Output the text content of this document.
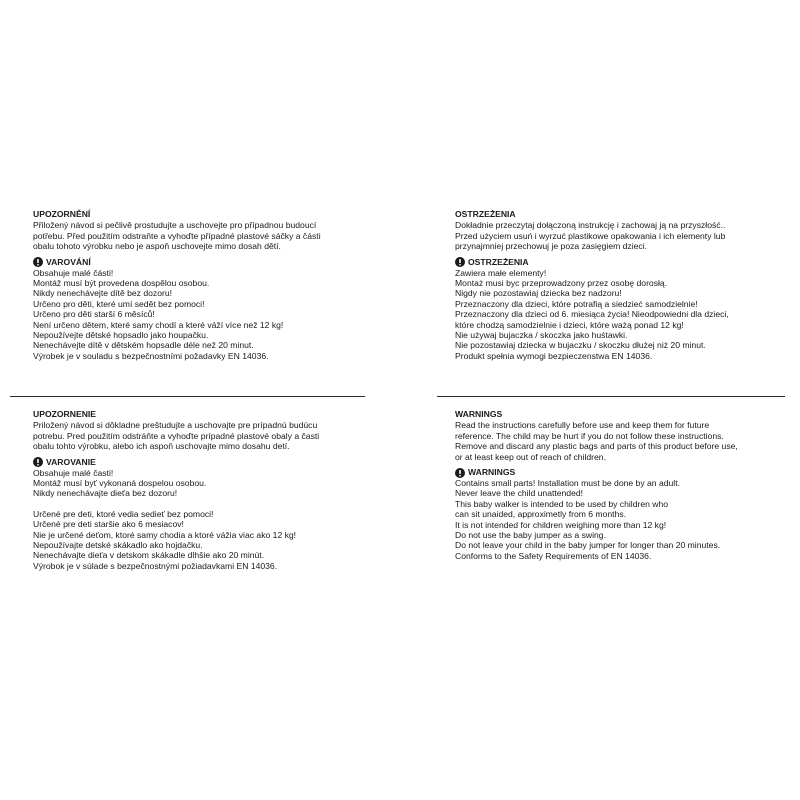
UPOZORNĚNÍ
Přiložený návod si pečlivě prostudujte a uschovejte pro případnou budoucí
potřebu. Před použitím odstraňte a vyhoďte případné plastové sáčky a části
obalu tohoto výrobku nebo je aspoň uschovejte mimo dosah dětí.
VAROVÁNÍ
Obsahuje malé části!
Montáž musí být provedena dospělou osobou.
Nikdy nenechávejte dítě bez dozoru!
Určeno pro děti, které umí sedět bez pomoci!
Určeno pro děti starší 6 měsíců!
Není určeno dětem, které samy chodí a které váží více než 12 kg!
Nepoužívejte dětské hopsadlo jako houpačku.
Nenechávejte dítě v dětském hopsadle déle než 20 minut.
Výrobek je v souladu s bezpečnostními požadavky EN 14036.
OSTRZEŻENIA
Dokładnie przeczytaj dołączoną instrukcję i zachowaj ją na przyszłość..
Przed użyciem usuń i wyrzuć plastikowe opakowania i ich elementy lub
przynajmniej przechowuj je poza zasięgiem dzieci.
OSTRZEŻENIA
Zawiera małe elementy!
Montaż musi byc przeprowadzony przez osobę dorosłą.
Nigdy nie pozostawiaj dziecka bez nadzoru!
Przeznaczony dla dzieci, które potrafią a siedzieć samodzielnie!
Przeznaczony dla dzieci od 6. miesiąca życia! Nieodpowiedni dla dzieci,
które chodzą samodzielnie i dzieci, które ważą ponad 12 kg!
Nie używaj bujaczka / skoczka jako huśtawki.
Nie pozostawiaj dziecka w bujaczku / skoczku dłużej niż 20 minut.
Produkt spełnia wymogi bezpieczenstwa EN 14036.
UPOZORNENIE
Priložený návod si dôkladne preštudujte a uschovajte pre prípadnú budúcu
potrebu. Pred použitím odstráňte a vyhoďte prípadné plastové obaly a časti
obalu tohto výrobku, alebo ich aspoň uschovajte mimo dosahu detí.
VAROVANIE
Obsahuje malé časti!
Montáž musí byť vykonaná dospelou osobou.
Nikdy nenechávajte dieťa bez dozoru!
Určené pre deti, ktoré vedia sedieť bez pomoci!
Určené pre deti staršie ako 6 mesiacov!
Nie je určené deťom, ktoré samy chodia a ktoré vážia viac ako 12 kg!
Nepoužívajte detské skákadlo ako hojdačku.
Nenechávajte dieťa v detskom skákadle dlhšie ako 20 minút.
Výrobok je v súlade s bezpečnostnými požiadavkami EN 14036.
WARNINGS
Read the instructions carefully before use and keep them for future
reference. The child may be hurt if you do not follow these instructions.
Remove and discard any plastic bags and parts of this product before use,
or at least keep out of reach of children.
WARNINGS
Contains small parts! Installation must be done by an adult.
Never leave the child unattended!
This baby walker is intended to be used by children who
can sit unaided, approximetly from 6 months.
It is not intended for children weighing more than 12 kg!
Do not use the baby jumper as a swing.
Do not leave your child in the baby jumper for longer than 20 minutes.
Conforms to the Safety Requirements of EN 14036.
